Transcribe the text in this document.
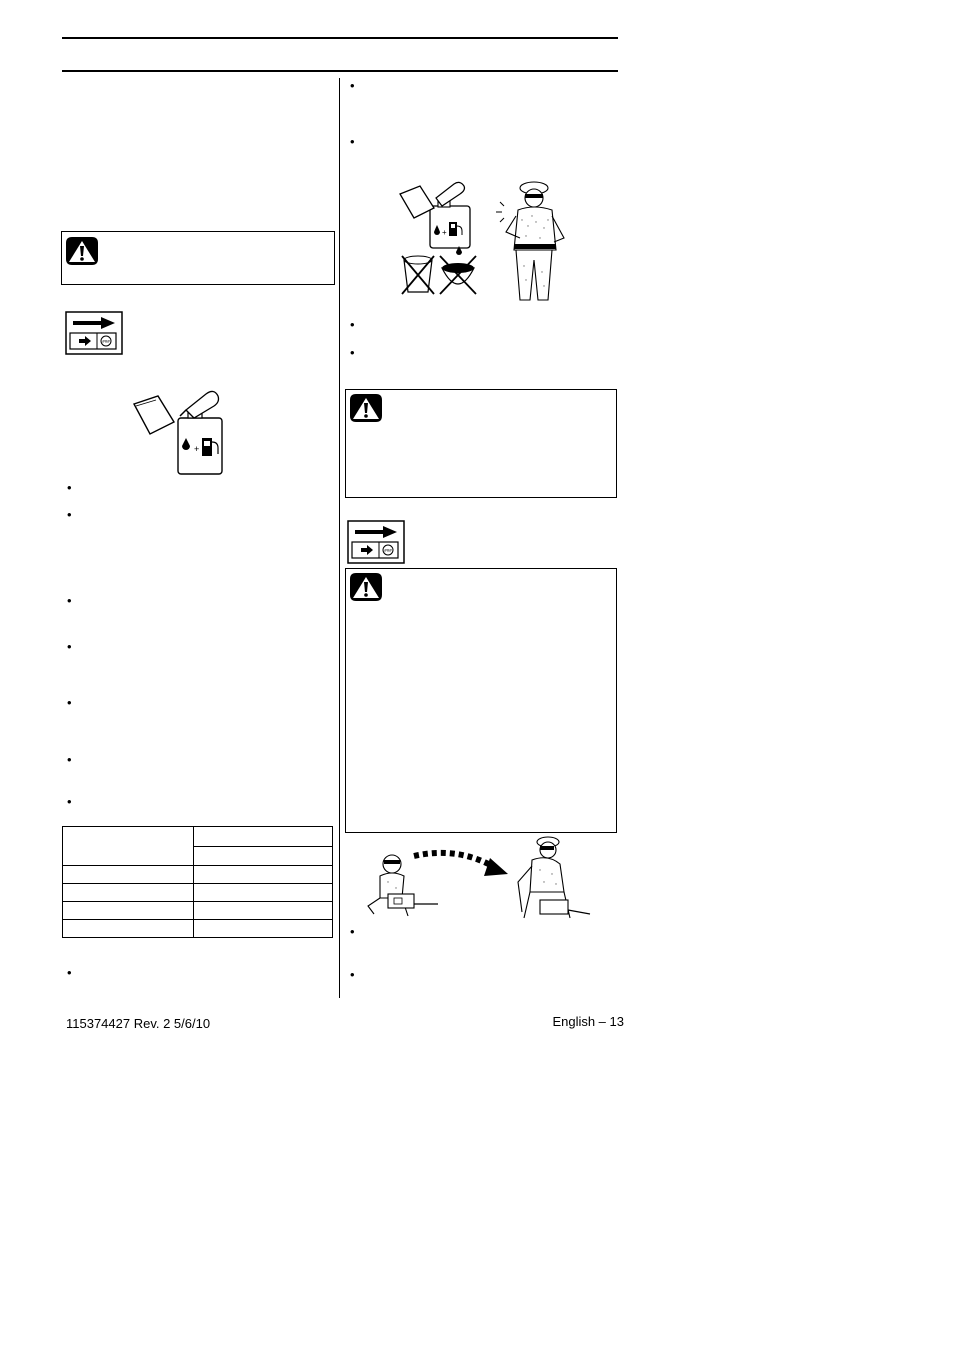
###
+
•
•
•
•
•
•
•

•
•
•
+
•
•
###
•
•
115374427 Rev. 2 5/6/10	English – 13
